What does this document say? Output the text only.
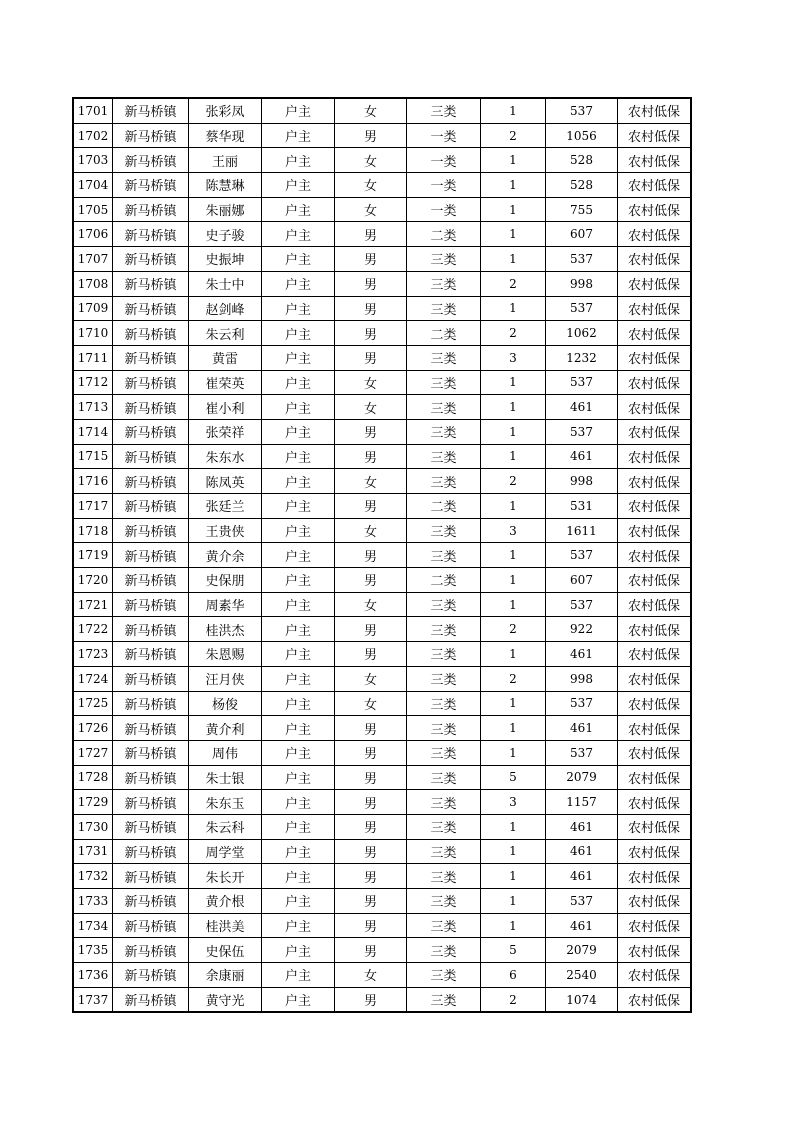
1701	新马桥镇	张彩凤	户主	女	三类	1	537	农村低保
1702	新马桥镇	蔡华现	户主	男	一类	2	1056	农村低保
1703	新马桥镇	王丽	户主	女	一类	1	528	农村低保
1704	新马桥镇	陈慧琳	户主	女	一类	1	528	农村低保
1705	新马桥镇	朱丽娜	户主	女	一类	1	755	农村低保
1706	新马桥镇	史子骏	户主	男	二类	1	607	农村低保
1707	新马桥镇	史振坤	户主	男	三类	1	537	农村低保
1708	新马桥镇	朱士中	户主	男	三类	2	998	农村低保
1709	新马桥镇	赵剑峰	户主	男	三类	1	537	农村低保
1710	新马桥镇	朱云利	户主	男	二类	2	1062	农村低保
1711	新马桥镇	黄雷	户主	男	三类	3	1232	农村低保
1712	新马桥镇	崔荣英	户主	女	三类	1	537	农村低保
1713	新马桥镇	崔小利	户主	女	三类	1	461	农村低保
1714	新马桥镇	张荣祥	户主	男	三类	1	537	农村低保
1715	新马桥镇	朱东水	户主	男	三类	1	461	农村低保
1716	新马桥镇	陈凤英	户主	女	三类	2	998	农村低保
1717	新马桥镇	张廷兰	户主	男	二类	1	531	农村低保
1718	新马桥镇	王贵侠	户主	女	三类	3	1611	农村低保
1719	新马桥镇	黄介余	户主	男	三类	1	537	农村低保
1720	新马桥镇	史保朋	户主	男	二类	1	607	农村低保
1721	新马桥镇	周素华	户主	女	三类	1	537	农村低保
1722	新马桥镇	桂洪杰	户主	男	三类	2	922	农村低保
1723	新马桥镇	朱恩赐	户主	男	三类	1	461	农村低保
1724	新马桥镇	汪月侠	户主	女	三类	2	998	农村低保
1725	新马桥镇	杨俊	户主	女	三类	1	537	农村低保
1726	新马桥镇	黄介利	户主	男	三类	1	461	农村低保
1727	新马桥镇	周伟	户主	男	三类	1	537	农村低保
1728	新马桥镇	朱士银	户主	男	三类	5	2079	农村低保
1729	新马桥镇	朱东玉	户主	男	三类	3	1157	农村低保
1730	新马桥镇	朱云科	户主	男	三类	1	461	农村低保
1731	新马桥镇	周学堂	户主	男	三类	1	461	农村低保
1732	新马桥镇	朱长开	户主	男	三类	1	461	农村低保
1733	新马桥镇	黄介根	户主	男	三类	1	537	农村低保
1734	新马桥镇	桂洪美	户主	男	三类	1	461	农村低保
1735	新马桥镇	史保伍	户主	男	三类	5	2079	农村低保
1736	新马桥镇	余康丽	户主	女	三类	6	2540	农村低保
1737	新马桥镇	黄守光	户主	男	三类	2	1074	农村低保
